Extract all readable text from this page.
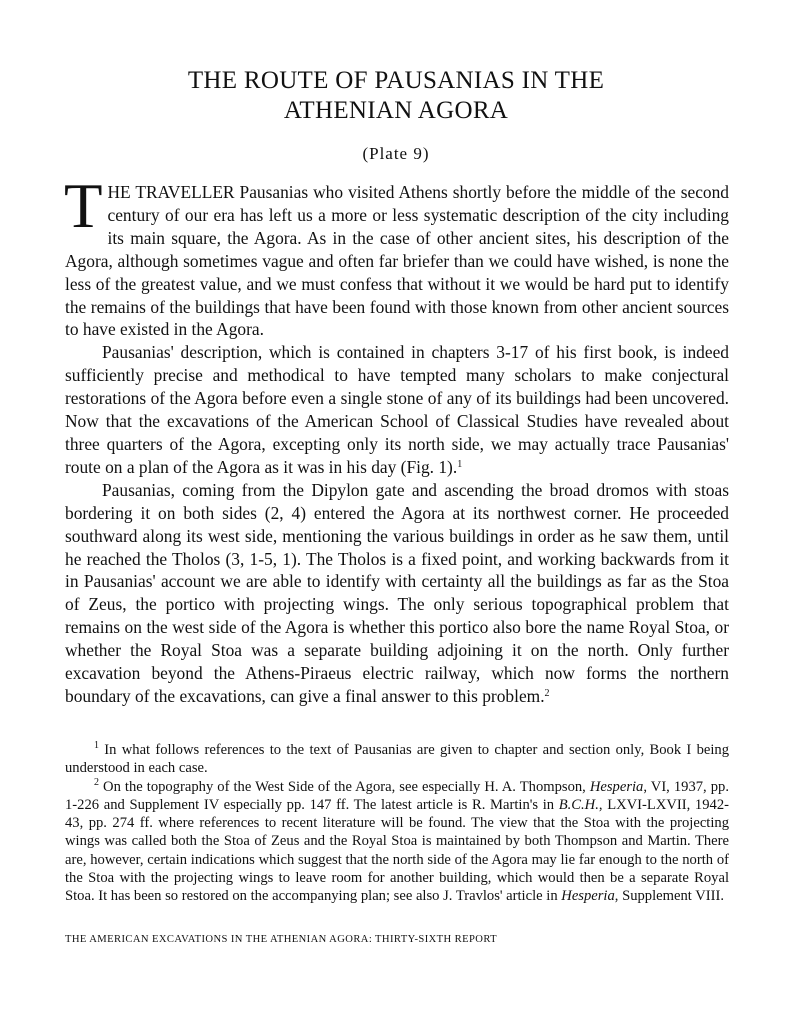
THE ROUTE OF PAUSANIAS IN THE
ATHENIAN AGORA
(Plate 9)

THE TRAVELLER Pausanias who visited Athens shortly before the middle of the second century of our era has left us a more or less systematic description of the city including its main square, the Agora. As in the case of other ancient sites, his description of the Agora, although sometimes vague and often far briefer than we could have wished, is none the less of the greatest value, and we must confess that without it we would be hard put to identify the remains of the buildings that have been found with those known from other ancient sources to have existed in the Agora.

Pausanias' description, which is contained in chapters 3-17 of his first book, is indeed sufficiently precise and methodical to have tempted many scholars to make conjectural restorations of the Agora before even a single stone of any of its buildings had been uncovered. Now that the excavations of the American School of Classical Studies have revealed about three quarters of the Agora, excepting only its north side, we may actually trace Pausanias' route on a plan of the Agora as it was in his day (Fig. 1).$^1$

Pausanias, coming from the Dipylon gate and ascending the broad dromos with stoas bordering it on both sides (2, 4) entered the Agora at its northwest corner. He proceeded southward along its west side, mentioning the various buildings in order as he saw them, until he reached the Tholos (3, 1-5, 1). The Tholos is a fixed point, and working backwards from it in Pausanias' account we are able to identify with certainty all the buildings as far as the Stoa of Zeus, the portico with projecting wings. The only serious topographical problem that remains on the west side of the Agora is whether this portico also bore the name Royal Stoa, or whether the Royal Stoa was a separate building adjoining it on the north. Only further excavation beyond the Athens-Piraeus electric railway, which now forms the northern boundary of the excavations, can give a final answer to this problem.$^2$

$^1$ In what follows references to the text of Pausanias are given to chapter and section only, Book I being understood in each case.

$^2$ On the topography of the West Side of the Agora, see especially H. A. Thompson, Hesperia, VI, 1937, pp. 1-226 and Supplement IV especially pp. 147 ff. The latest article is R. Martin's in B.C.H., LXVI-LXVII, 1942-43, pp. 274 ff. where references to recent literature will be found. The view that the Stoa with the projecting wings was called both the Stoa of Zeus and the Royal Stoa is maintained by both Thompson and Martin. There are, however, certain indications which suggest that the north side of the Agora may lie far enough to the north of the Stoa with the projecting wings to leave room for another building, which would then be a separate Royal Stoa. It has been so restored on the accompanying plan; see also J. Travlos' article in Hesperia, Supplement VIII.

THE AMERICAN EXCAVATIONS IN THE ATHENIAN AGORA: THIRTY-SIXTH REPORT
